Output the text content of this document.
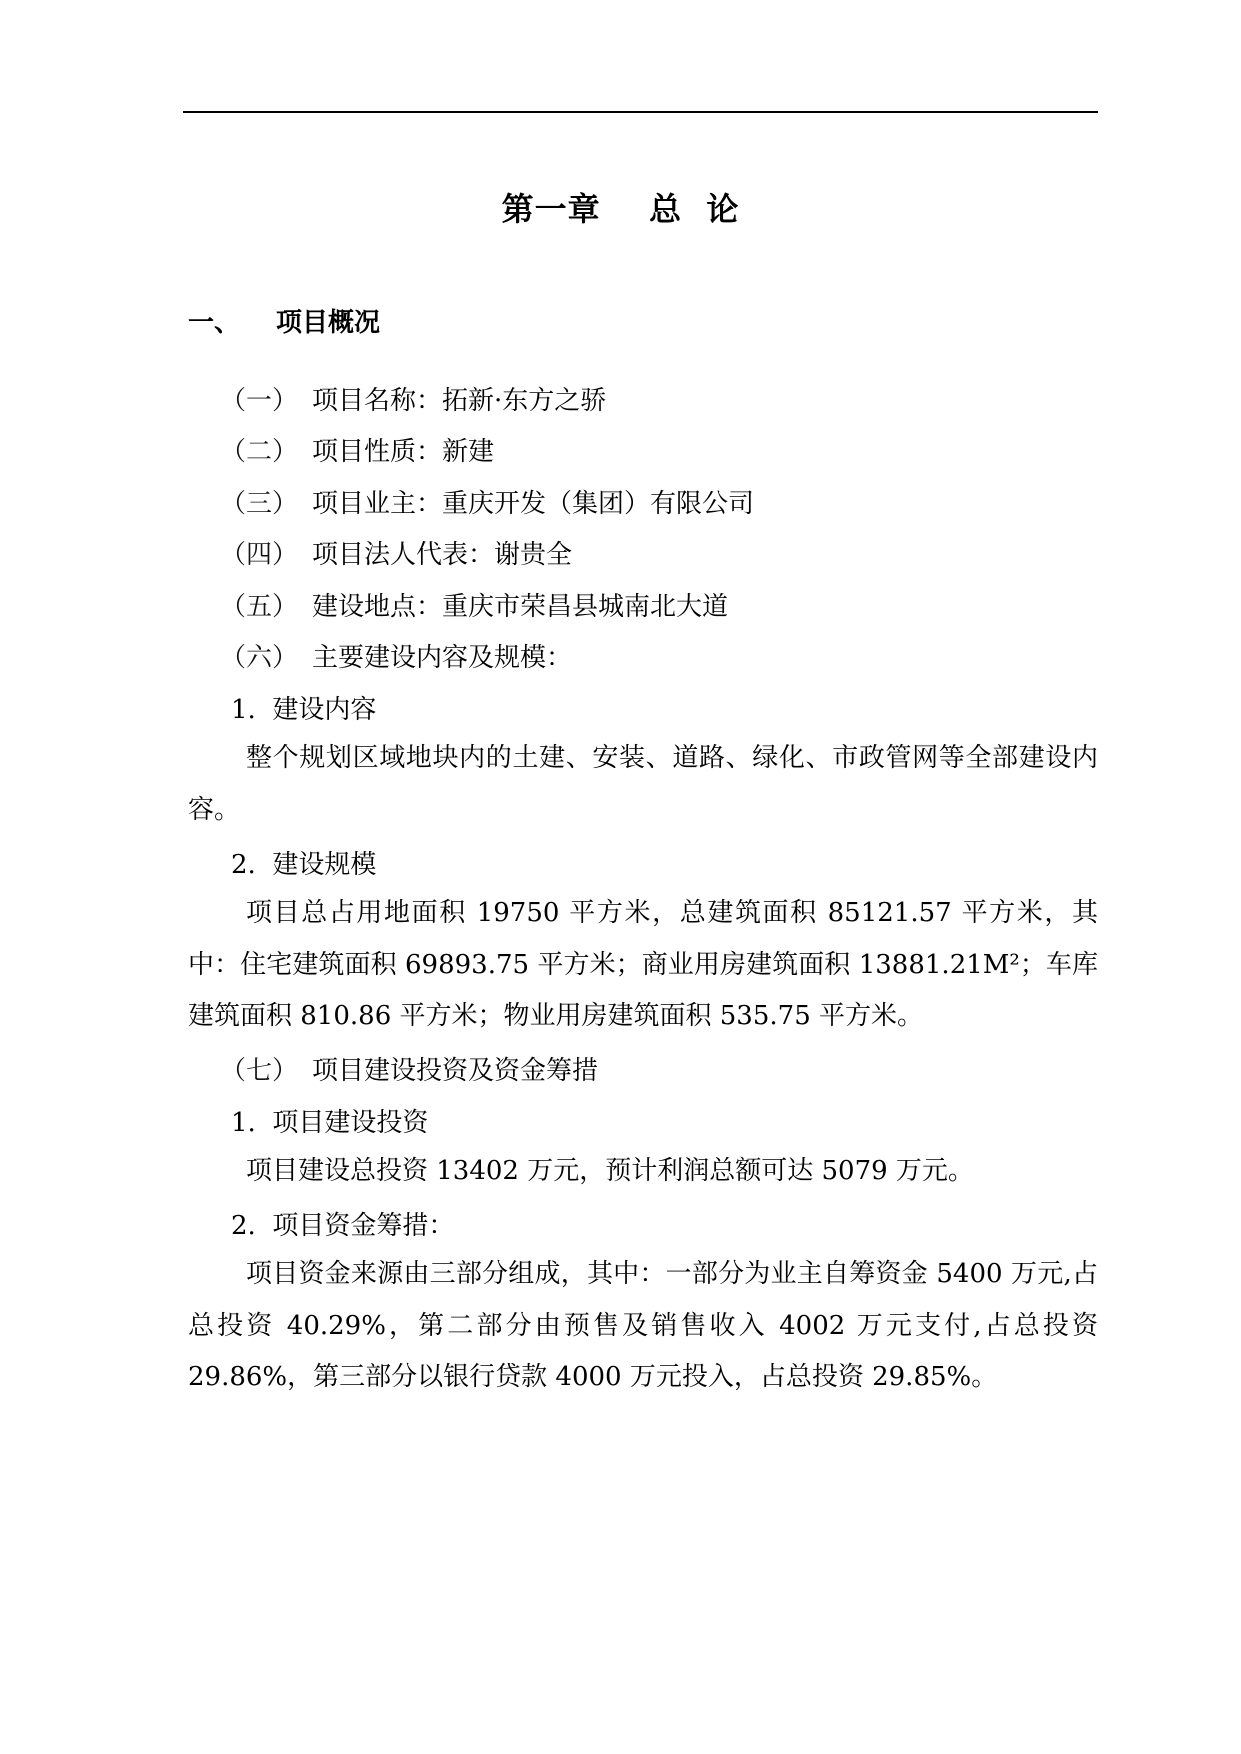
第一章    总  论
一、 项目概况
（一） 项目名称：拓新·东方之骄
（二） 项目性质：新建
（三） 项目业主：重庆开发（集团）有限公司
（四） 项目法人代表：谢贵全
（五） 建设地点：重庆市荣昌县城南北大道
（六） 主要建设内容及规模：
1. 建设内容
整个规划区域地块内的土建、安装、道路、绿化、市政管网等全部建设内容。
2. 建设规模
项目总占用地面积 19750 平方米，总建筑面积 85121.57 平方米，其中：住宅建筑面积 69893.75 平方米；商业用房建筑面积 13881.21M²；车库建筑面积 810.86 平方米；物业用房建筑面积 535.75 平方米。
（七） 项目建设投资及资金筹措
1. 项目建设投资
项目建设总投资 13402 万元，预计利润总额可达 5079 万元。
2. 项目资金筹措：
项目资金来源由三部分组成，其中：一部分为业主自筹资金 5400 万元,占总投资 40.29%，第二部分由预售及销售收入 4002 万元支付,占总投资 29.86%，第三部分以银行贷款 4000 万元投入，占总投资 29.85%。
